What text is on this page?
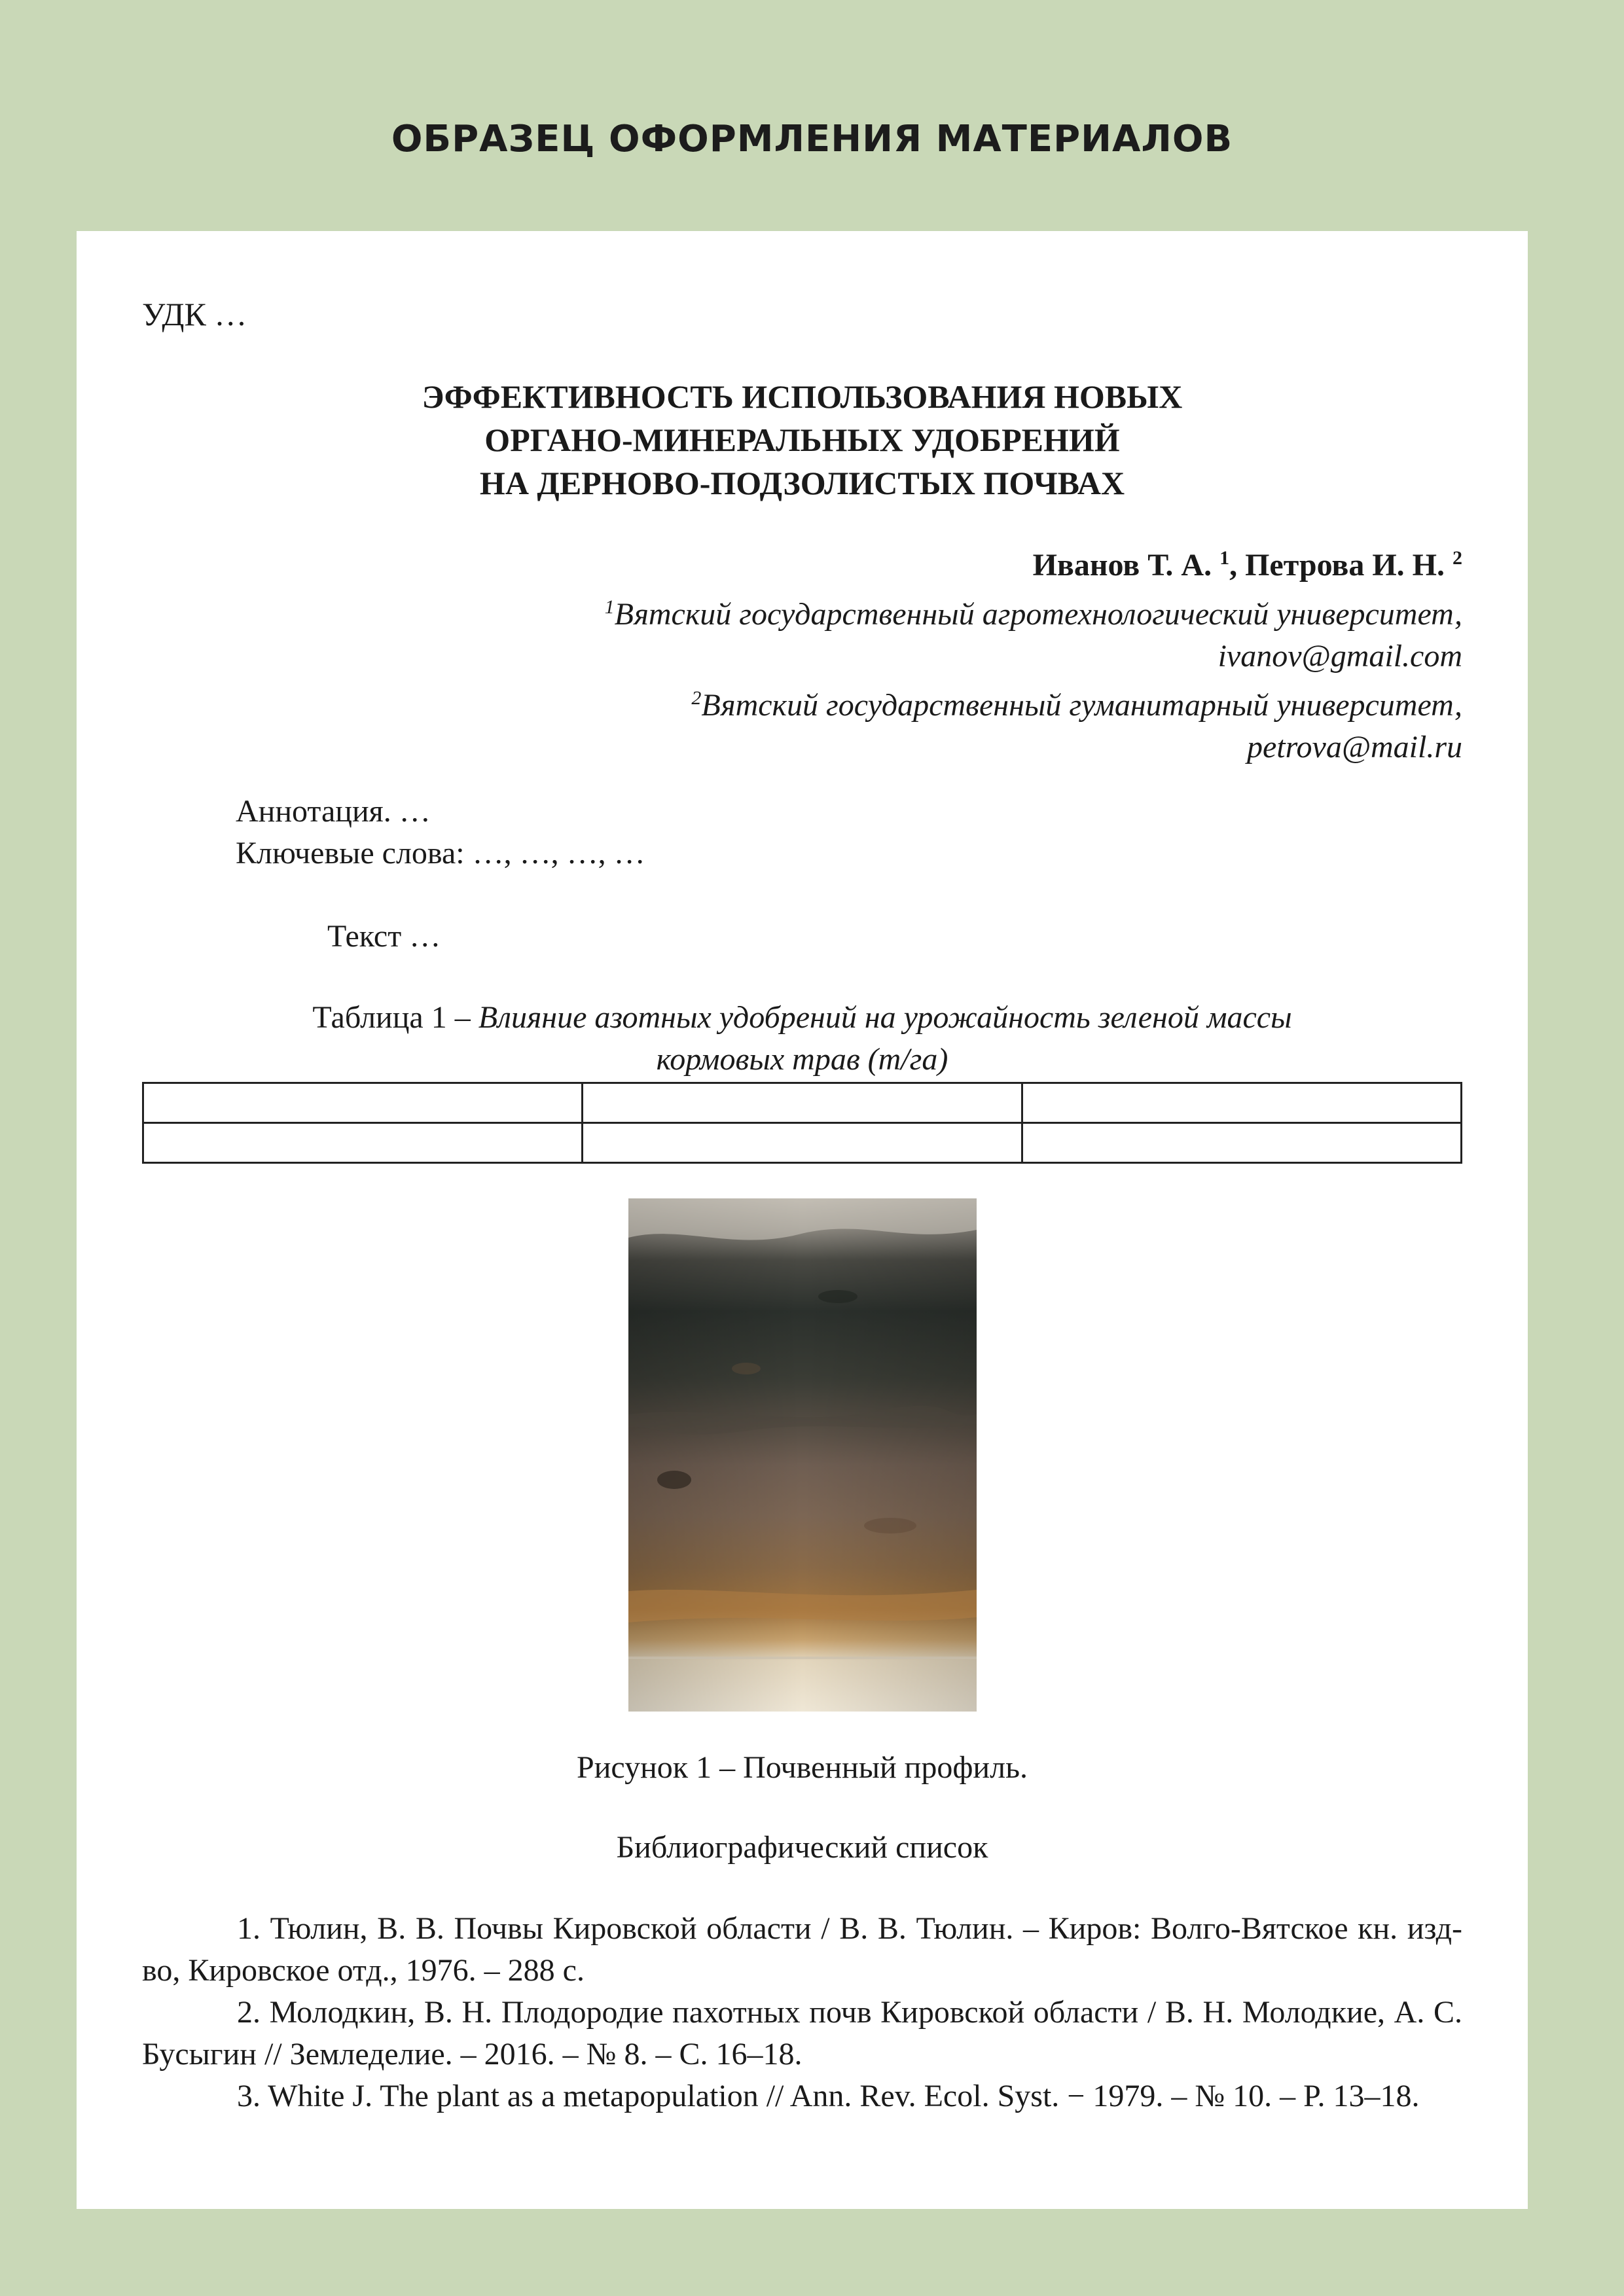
ОБРАЗЕЦ ОФОРМЛЕНИЯ МАТЕРИАЛОВ
УДК …
ЭФФЕКТИВНОСТЬ ИСПОЛЬЗОВАНИЯ НОВЫХ
ОРГАНО-МИНЕРАЛЬНЫХ УДОБРЕНИЙ
НА ДЕРНОВО-ПОДЗОЛИСТЫХ ПОЧВАХ
Иванов Т. А. $^1$, Петрова И. Н. $^2$
$^1$Вятский государственный агротехнологический университет,
ivanov@gmail.com
$^2$Вятский государственный гуманитарный университет,
petrova@mail.ru
Аннотация. …
Ключевые слова: …, …, …, …
Текст …
Таблица 1 – Влияние азотных удобрений на урожайность зеленой массы
кормовых трав (т/га)

Рисунок 1 – Почвенный профиль.
Библиографический список

1. Тюлин, В. В. Почвы Кировской области / В. В. Тюлин. – Киров: Волго-Вятское кн. изд-во, Кировское отд., 1976. – 288 с.

2. Молодкин, В. Н. Плодородие пахотных почв Кировской области / В. Н. Молодкие, А. С. Бусыгин // Земледелие. – 2016. – № 8. – С. 16–18.

3. White J. The plant as a metapopulation // Ann. Rev. Ecol. Syst. − 1979. – № 10. – P. 13–18.
